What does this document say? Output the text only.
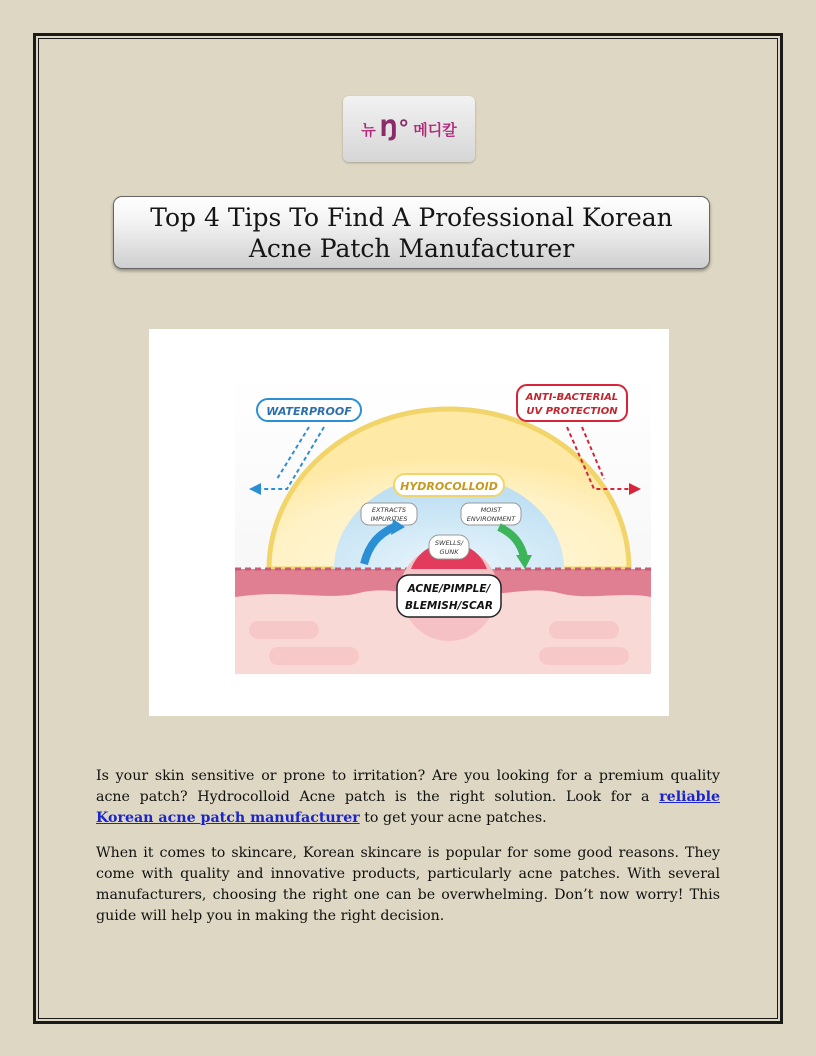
뉴 Ŋ° 메디칼
Top 4 Tips To Find A Professional Korean Acne Patch Manufacturer
WATERPROOF
ANTI-BACTERIAL
UV PROTECTION
HYDROCOLLOID
EXTRACTS
IMPURITIES
MOIST
ENVIRONMENT
SWELLS/
GUNK
ACNE/PIMPLE/
BLEMISH/SCAR

Is your skin sensitive or prone to irritation? Are you looking for a premium quality acne patch? Hydrocolloid Acne patch is the right solution. Look for a reliable Korean acne patch manufacturer to get your acne patches.

When it comes to skincare, Korean skincare is popular for some good reasons. They come with quality and innovative products, particularly acne patches. With several manufacturers, choosing the right one can be overwhelming. Don’t now worry! This guide will help you in making the right decision.
